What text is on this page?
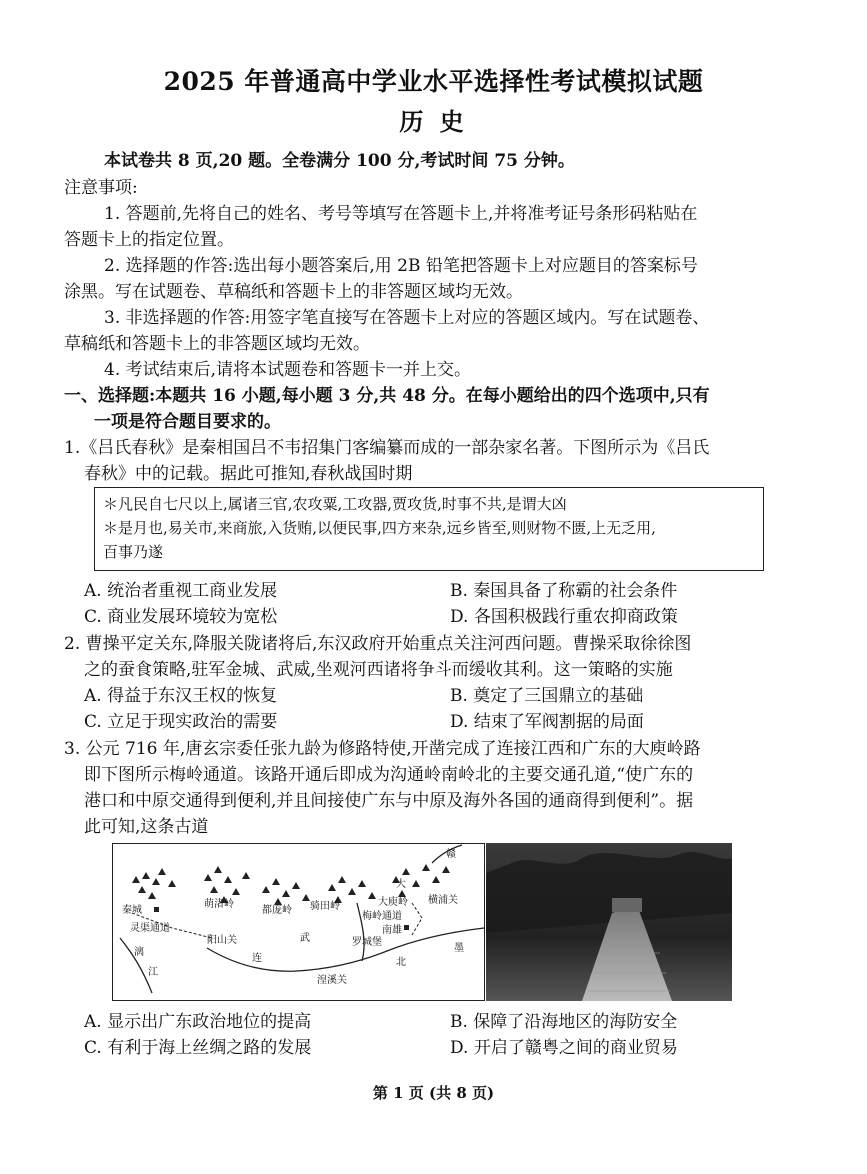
2025 年普通高中学业水平选择性考试模拟试题
历 史
本试卷共 8 页,20 题。全卷满分 100 分,考试时间 75 分钟。
注意事项:
1. 答题前,先将自己的姓名、考号等填写在答题卡上,并将准考证号条形码粘贴在
答题卡上的指定位置。
2. 选择题的作答:选出每小题答案后,用 2B 铅笔把答题卡上对应题目的答案标号
涂黑。写在试题卷、草稿纸和答题卡上的非答题区域均无效。
3. 非选择题的作答:用签字笔直接写在答题卡上对应的答题区域内。写在试题卷、
草稿纸和答题卡上的非答题区域均无效。
4. 考试结束后,请将本试题卷和答题卡一并上交。
一、选择题:本题共 16 小题,每小题 3 分,共 48 分。在每小题给出的四个选项中,只有
一项是符合题目要求的。
1.《吕氏春秋》是秦相国吕不韦招集门客编纂而成的一部杂家名著。下图所示为《吕氏
春秋》中的记载。据此可推知,春秋战国时期
＊凡民自七尺以上,属诸三官,农攻粟,工攻器,贾攻货,时事不共,是谓大凶
＊是月也,易关市,来商旅,入货贿,以便民事,四方来杂,远乡皆至,则财物不匮,上无乏用,
百事乃遂
A. 统治者重视工商业发展	B. 秦国具备了称霸的社会条件
C. 商业发展环境较为宽松	D. 各国积极践行重农抑商政策
2. 曹操平定关东,降服关陇诸将后,东汉政府开始重点关注河西问题。曹操采取徐徐图
之的蚕食策略,驻军金城、武威,坐观河西诸将争斗而缓收其利。这一策略的实施
A. 得益于东汉王权的恢复	B. 奠定了三国鼎立的基础
C. 立足于现实政治的需要	D. 结束了军阀割据的局面
3. 公元 716 年,唐玄宗委任张九龄为修路特使,开凿完成了连接江西和广东的大庾岭路
即下图所示梅岭通道。该路开通后即成为沟通岭南岭北的主要交通孔道,“使广东的
港口和中原交通得到便利,并且间接使广东与中原及海外各国的通商得到便利”。据
此可知,这条古道
秦城
灵渠通道
阳山关
骑田岭
萌渚岭
都庞岭
大庾岭
梅岭通道
横浦关
南雄
罗城堡
湟溪关
漓
江
连	北
墨
武
赣
大
A. 显示出广东政治地位的提高	B. 保障了沿海地区的海防安全
C. 有利于海上丝绸之路的发展	D. 开启了赣粤之间的商业贸易
第 1 页 (共 8 页)
